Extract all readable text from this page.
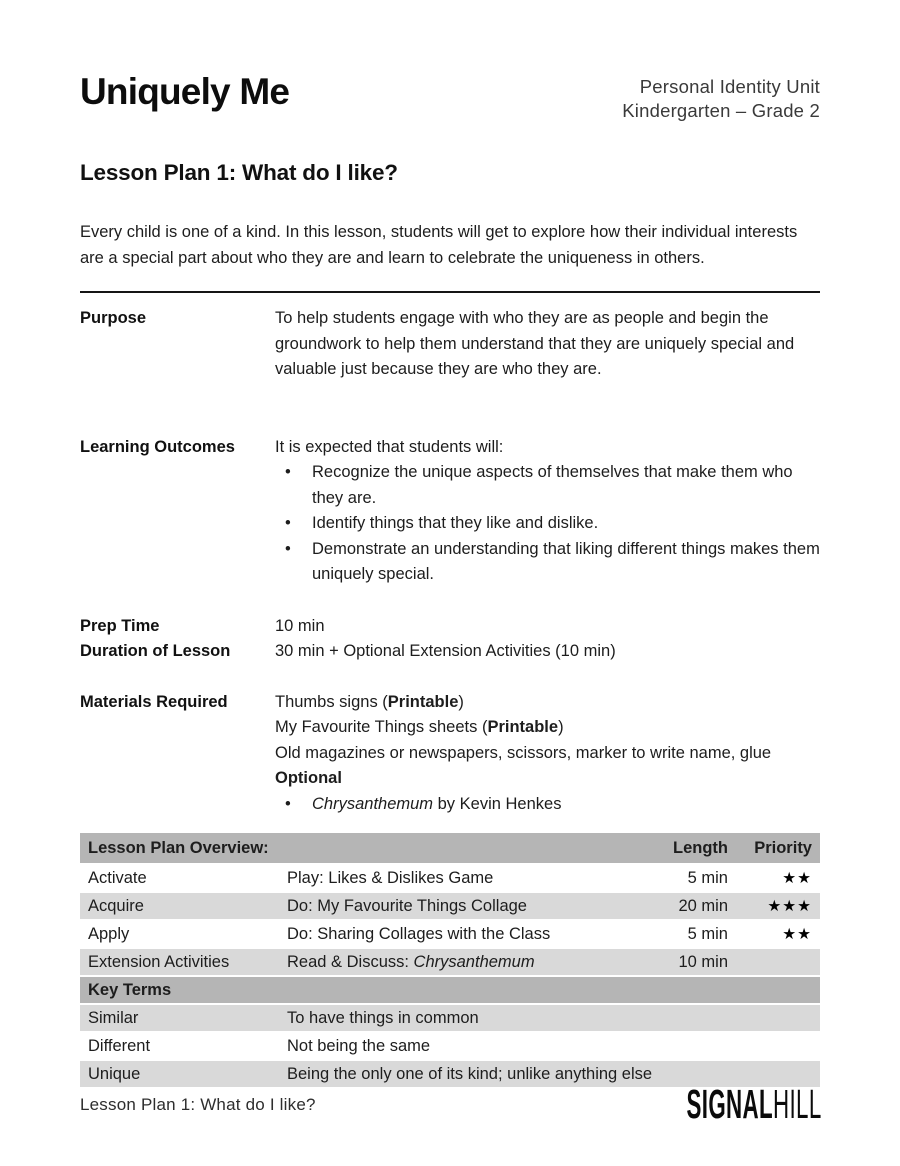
Uniquely Me	Personal Identity Unit
Kindergarten – Grade 2
Lesson Plan 1: What do I like?

Every child is one of a kind. In this lesson, students will get to explore how their individual interests are a special part about who they are and learn to celebrate the uniqueness in others.

Purpose	To help students engage with who they are as people and begin the groundwork to help them understand that they are uniquely special and valuable just because they are who they are.
Learning Outcomes	It is expected that students will:
•	Recognize the unique aspects of themselves that make them who they are.
•	Identify things that they like and dislike.
•	Demonstrate an understanding that liking different things makes them uniquely special.
Prep Time	10 min
Duration of Lesson	30 min + Optional Extension Activities (10 min)
Materials Required	Thumbs signs (Printable)
My Favourite Things sheets (Printable)
Old magazines or newspapers, scissors, marker to write name, glue
Optional
•	Chrysanthemum by Kevin Henkes
Lesson Plan Overview:		Length	Priority
Activate	Play: Likes & Dislikes Game	5 min	★★
Acquire	Do: My Favourite Things Collage	20 min	★★★
Apply	Do: Sharing Collages with the Class	5 min	★★
Extension Activities	Read & Discuss: Chrysanthemum	10 min	
Key Terms			
Similar	To have things in common		
Different	Not being the same		
Unique	Being the only one of its kind; unlike anything else		
Lesson Plan 1: What do I like?	SIGNALHILL
